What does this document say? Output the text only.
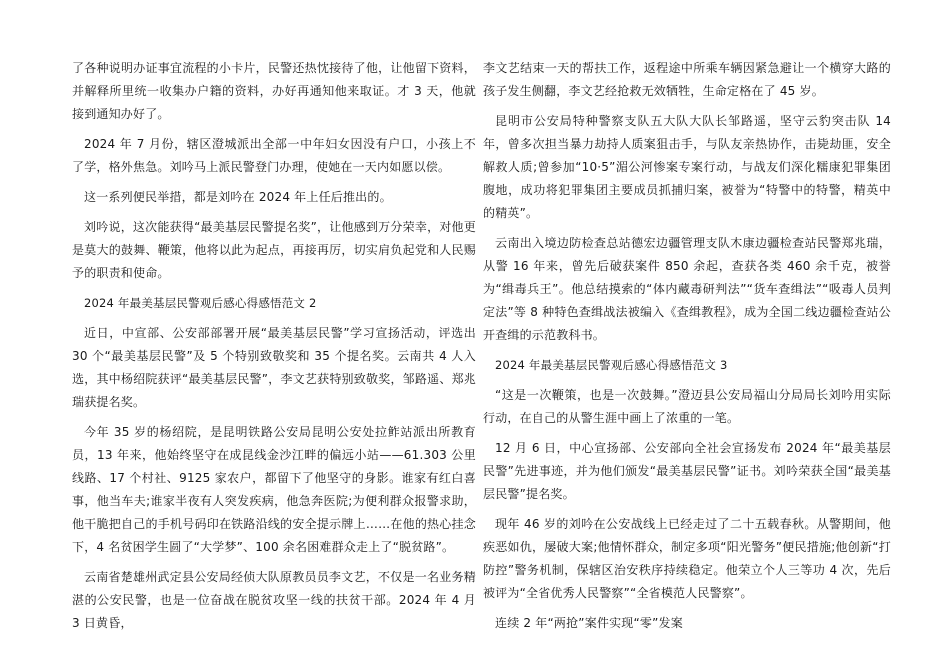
了各种说明办证事宜流程的小卡片，民警还热忱接待了他，让他留下资料，并解释所里统一收集办户籍的资料，办好再通知他来取证。才 3 天，他就接到通知办好了。

2024 年 7 月份，辖区澄城派出全部一中年妇女因没有户口，小孩上不了学，格外焦急。刘吟马上派民警登门办理，使她在一天内如愿以偿。

这一系列便民举措，都是刘吟在 2024 年上任后推出的。

刘吟说，这次能获得“最美基层民警提名奖”，让他感到万分荣幸，对他更是莫大的鼓舞、鞭策，他将以此为起点，再接再厉，切实肩负起党和人民赐予的职责和使命。

2024 年最美基层民警观后感心得感悟范文 2

近日，中宣部、公安部部署开展“最美基层民警”学习宣扬活动，评选出 30 个“最美基层民警”及 5 个特别致敬奖和 35 个提名奖。云南共 4 人入选，其中杨绍院获评“最美基层民警”，李文艺获特别致敬奖，邹路遥、郑兆瑞获提名奖。

今年 35 岁的杨绍院，是昆明铁路公安局昆明公安处拉鲊站派出所教育员，13 年来，他始终坚守在成昆线金沙江畔的偏远小站——61.303 公里线路、17 个村社、9125 家农户，都留下了他坚守的身影。谁家有红白喜事，他当车夫;谁家半夜有人突发疾病，他急奔医院;为便利群众报警求助，他干脆把自己的手机号码印在铁路沿线的安全提示牌上……在他的热心挂念下，4 名贫困学生圆了“大学梦”、100 余名困难群众走上了“脱贫路”。

云南省楚雄州武定县公安局经侦大队原教员员李文艺，不仅是一名业务精湛的公安民警，也是一位奋战在脱贫攻坚一线的扶贫干部。2024 年 4 月 3 日黄昏，

李文艺结束一天的帮扶工作，返程途中所乘车辆因紧急避让一个横穿大路的孩子发生侧翻，李文艺经抢救无效牺牲，生命定格在了 45 岁。

昆明市公安局特种警察支队五大队大队长邹路遥，坚守云豹突击队 14 年，曾多次担当暴力劫持人质案狙击手，与队友亲热协作，击毙劫匪，安全解救人质;曾参加“10·5”湄公河惨案专案行动，与战友们深化糯康犯罪集团腹地，成功将犯罪集团主要成员抓捕归案，被誉为“特警中的特警，精英中的精英”。

云南出入境边防检查总站德宏边疆管理支队木康边疆检查站民警郑兆瑞，从警 16 年来，曾先后破获案件 850 余起，查获各类 460 余千克，被誉为“缉毒兵王”。他总结摸索的“体内藏毒研判法”“货车查缉法”“吸毒人员判定法”等 8 种特色查缉战法被编入《查缉教程》，成为全国二线边疆检查站公开查缉的示范教科书。

2024 年最美基层民警观后感心得感悟范文 3

“这是一次鞭策，也是一次鼓舞。”澄迈县公安局福山分局局长刘吟用实际行动，在自己的从警生涯中画上了浓重的一笔。

12 月 6 日，中心宣扬部、公安部向全社会宣扬发布 2024 年“最美基层民警”先进事迹，并为他们颁发“最美基层民警”证书。刘吟荣获全国“最美基层民警”提名奖。

现年 46 岁的刘吟在公安战线上已经走过了二十五载春秋。从警期间，他疾恶如仇，屡破大案;他情怀群众，制定多项“阳光警务”便民措施;他创新“打防控”警务机制，保辖区治安秩序持续稳定。他荣立个人三等功 4 次，先后被评为“全省优秀人民警察”“全省模范人民警察”。

连续 2 年“两抢”案件实现“零”发案
